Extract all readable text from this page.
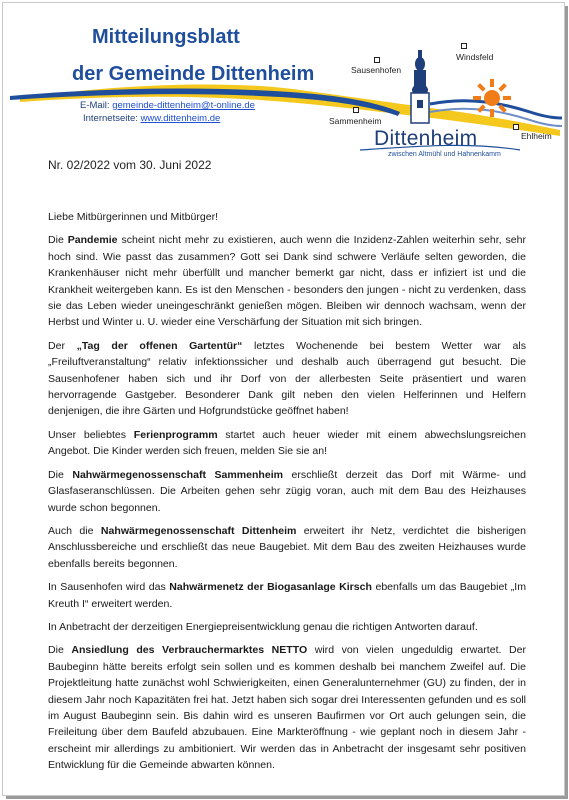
Mitteilungsblatt
der Gemeinde Dittenheim
E-Mail: gemeinde-dittenheim@t-online.de
Internetseite: www.dittenheim.de
Sausenhofen
Windsfeld
Sammenheim
Ehlheim
Dittenheim
zwischen Altmühl und Hahnenkamm
Nr. 02/2022 vom 30. Juni 2022

Liebe Mitbürgerinnen und Mitbürger!

Die Pandemie scheint nicht mehr zu existieren, auch wenn die Inzidenz-Zahlen weiterhin sehr, sehr hoch sind. Wie passt das zusammen? Gott sei Dank sind schwere Verläufe selten geworden, die Krankenhäuser nicht mehr überfüllt und mancher bemerkt gar nicht, dass er infiziert ist und die Krankheit weitergeben kann. Es ist den Menschen - besonders den jungen - nicht zu verdenken, dass sie das Leben wieder uneingeschränkt genießen mögen. Bleiben wir dennoch wachsam, wenn der Herbst und Winter u. U. wieder eine Verschärfung der Situation mit sich bringen.

Der „Tag der offenen Gartentür“ letztes Wochenende bei bestem Wetter war als „Freiluftveranstaltung“ relativ infektionssicher und deshalb auch überragend gut besucht. Die Sausenhofener haben sich und ihr Dorf von der allerbesten Seite präsentiert und waren hervorragende Gastgeber. Besonderer Dank gilt neben den vielen Helferinnen und Helfern denjenigen, die ihre Gärten und Hofgrundstücke geöffnet haben!

Unser beliebtes Ferienprogramm startet auch heuer wieder mit einem abwechslungsreichen Angebot. Die Kinder werden sich freuen, melden Sie sie an!

Die Nahwärmegenossenschaft Sammenheim erschließt derzeit das Dorf mit Wärme- und Glasfaseranschlüssen. Die Arbeiten gehen sehr zügig voran, auch mit dem Bau des Heizhauses wurde schon begonnen.

Auch die Nahwärmegenossenschaft Dittenheim erweitert ihr Netz, verdichtet die bisherigen Anschlussbereiche und erschließt das neue Baugebiet. Mit dem Bau des zweiten Heizhauses wurde ebenfalls bereits begonnen.

In Sausenhofen wird das Nahwärmenetz der Biogasanlage Kirsch ebenfalls um das Baugebiet „Im Kreuth I“ erweitert werden.

In Anbetracht der derzeitigen Energiepreisentwicklung genau die richtigen Antworten darauf.

Die Ansiedlung des Verbrauchermarktes NETTO wird von vielen ungeduldig erwartet. Der Baubeginn hätte bereits erfolgt sein sollen und es kommen deshalb bei manchem Zweifel auf. Die Projektleitung hatte zunächst wohl Schwierigkeiten, einen Generalunternehmer (GU) zu finden, der in diesem Jahr noch Kapazitäten frei hat. Jetzt haben sich sogar drei Interessenten gefunden und es soll im August Baubeginn sein. Bis dahin wird es unseren Baufirmen vor Ort auch gelungen sein, die Freileitung über dem Baufeld abzubauen. Eine Markteröffnung - wie geplant noch in diesem Jahr - erscheint mir allerdings zu ambitioniert. Wir werden das in Anbetracht der insgesamt sehr positiven Entwicklung für die Gemeinde abwarten können.
